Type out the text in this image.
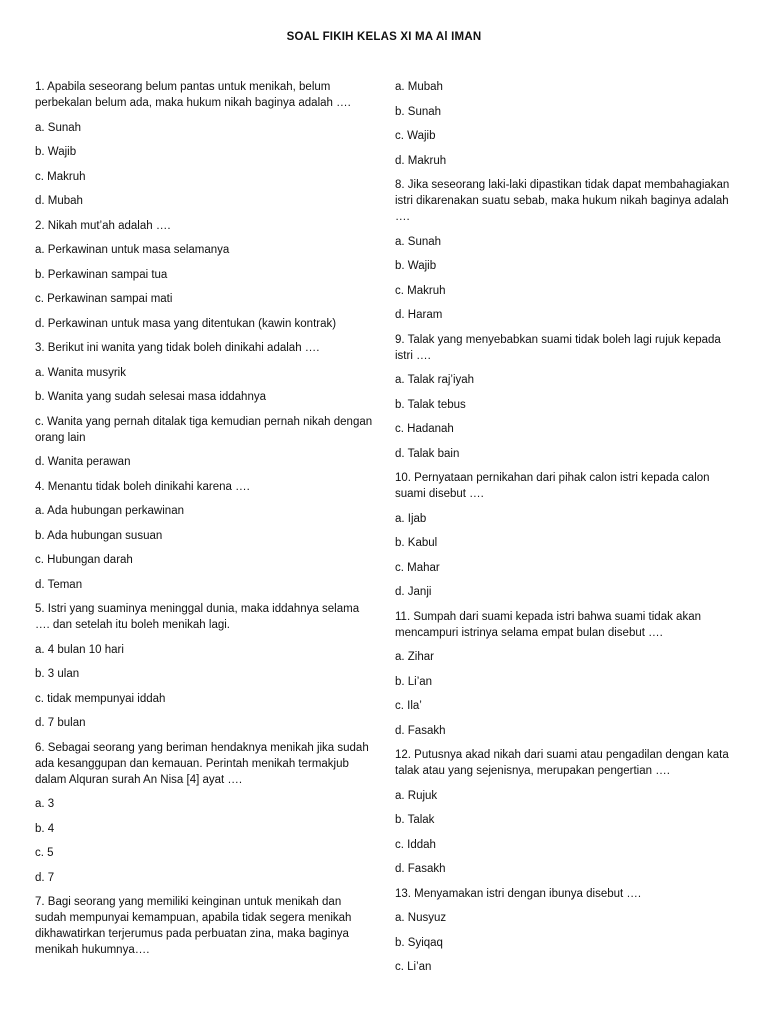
SOAL FIKIH KELAS XI MA Al IMAN
1. Apabila seseorang belum pantas untuk menikah, belum perbekalan belum ada, maka hukum nikah baginya adalah ….
a. Sunah
b. Wajib
c. Makruh
d. Mubah
2. Nikah mut’ah adalah ….
a. Perkawinan untuk masa selamanya
b. Perkawinan sampai tua
c. Perkawinan sampai mati
d. Perkawinan untuk masa yang ditentukan (kawin kontrak)
3. Berikut ini wanita yang tidak boleh dinikahi adalah ….
a. Wanita musyrik
b. Wanita yang sudah selesai masa iddahnya
c. Wanita yang pernah ditalak tiga kemudian pernah nikah dengan orang lain
d. Wanita perawan
4. Menantu tidak boleh dinikahi karena ….
a. Ada hubungan perkawinan
b. Ada hubungan susuan
c. Hubungan darah
d. Teman
5. Istri yang suaminya meninggal dunia, maka iddahnya selama …. dan setelah itu boleh menikah lagi.
a. 4 bulan 10 hari
b. 3 ulan
c. tidak mempunyai iddah
d. 7 bulan
6. Sebagai seorang yang beriman hendaknya menikah jika sudah ada kesanggupan dan kemauan. Perintah menikah termakjub dalam Alquran surah An Nisa [4] ayat ….
a. 3
b. 4
c. 5
d. 7
7. Bagi seorang yang memiliki keinginan untuk menikah dan sudah mempunyai kemampuan, apabila tidak segera menikah dikhawatirkan terjerumus pada perbuatan zina, maka baginya menikah hukumnya….
a. Mubah
b. Sunah
c. Wajib
d. Makruh
8. Jika seseorang laki-laki dipastikan tidak dapat membahagiakan istri dikarenakan suatu sebab, maka hukum nikah baginya adalah ….
a. Sunah
b. Wajib
c. Makruh
d. Haram
9. Talak yang menyebabkan suami tidak boleh lagi rujuk kepada istri ….
a. Talak raj’iyah
b. Talak tebus
c. Hadanah
d. Talak bain
10. Pernyataan pernikahan dari pihak calon istri kepada calon suami disebut ….
a. Ijab
b. Kabul
c. Mahar
d. Janji
11. Sumpah dari suami kepada istri bahwa suami tidak akan mencampuri istrinya selama empat bulan disebut ….
a. Zihar
b. Li’an
c. Ila’
d. Fasakh
12. Putusnya akad nikah dari suami atau pengadilan dengan kata talak atau yang sejenisnya, merupakan pengertian ….
a. Rujuk
b. Talak
c. Iddah
d. Fasakh
13. Menyamakan istri dengan ibunya disebut ….
a. Nusyuz
b. Syiqaq
c. Li’an
